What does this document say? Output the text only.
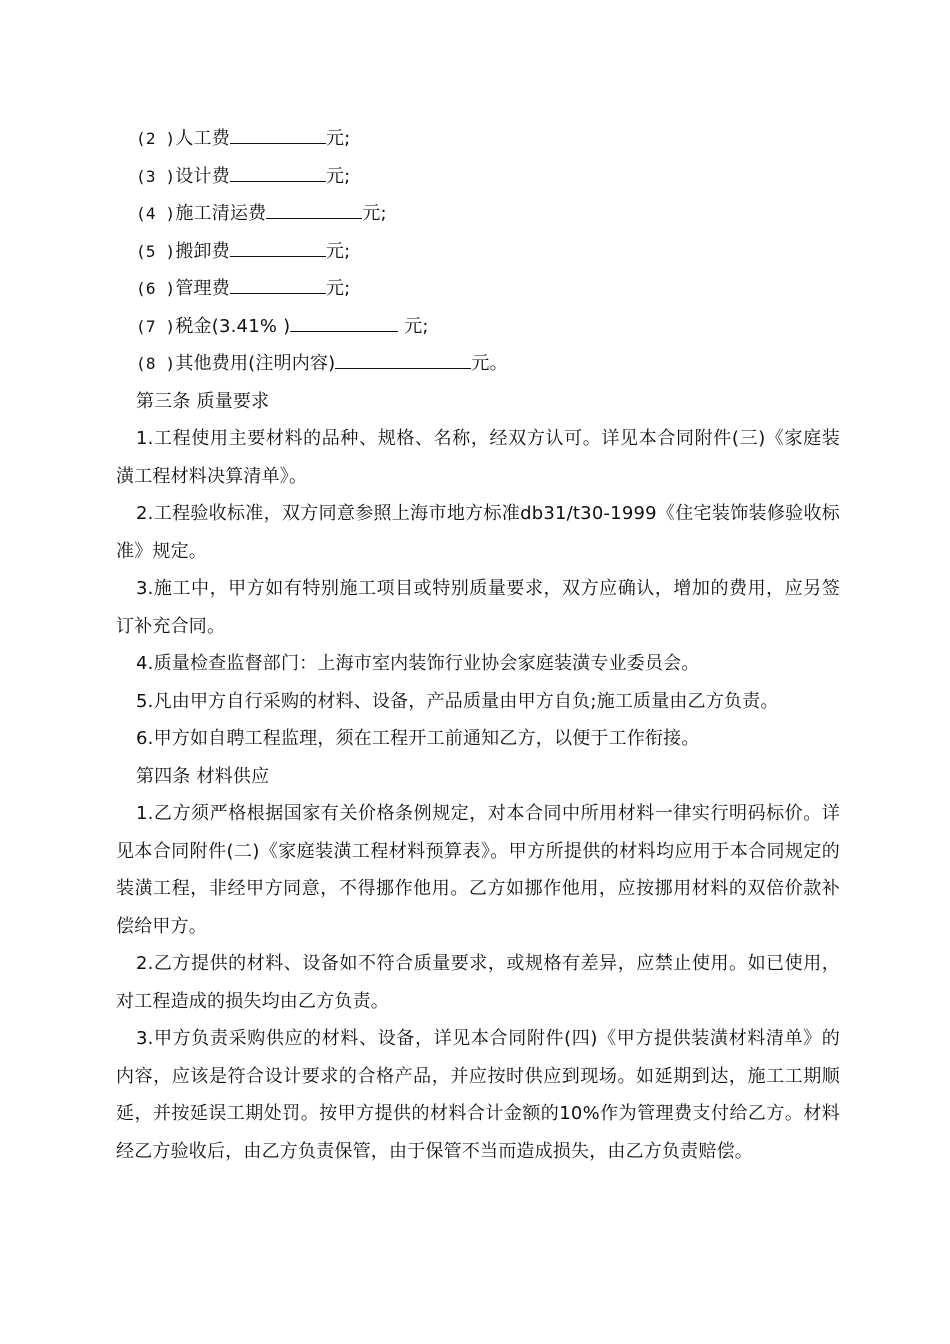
(2 )人工费	元;

(3 )设计费	元;

(4 )施工清运费	元;

(5 )搬卸费	元;

(6 )管理费	元;

(7 )税金(3.41% )	元;

(8 )其他费用(注明内容)	元。

第三条 质量要求

1.工程使用主要材料的品种、规格、名称，经双方认可。详见本合同附件(三)《家庭装潢工程材料决算清单》。

2.工程验收标准，双方同意参照上海市地方标准db31/t30-1999《住宅装饰装修验收标准》规定。

3.施工中，甲方如有特别施工项目或特别质量要求，双方应确认，增加的费用，应另签订补充合同。

4.质量检查监督部门：上海市室内装饰行业协会家庭装潢专业委员会。

5.凡由甲方自行采购的材料、设备，产品质量由甲方自负;施工质量由乙方负责。

6.甲方如自聘工程监理，须在工程开工前通知乙方，以便于工作衔接。

第四条 材料供应

1.乙方须严格根据国家有关价格条例规定，对本合同中所用材料一律实行明码标价。详见本合同附件(二)《家庭装潢工程材料预算表》。甲方所提供的材料均应用于本合同规定的装潢工程，非经甲方同意，不得挪作他用。乙方如挪作他用，应按挪用材料的双倍价款补偿给甲方。

2.乙方提供的材料、设备如不符合质量要求，或规格有差异，应禁止使用。如已使用，对工程造成的损失均由乙方负责。

3.甲方负责采购供应的材料、设备，详见本合同附件(四)《甲方提供装潢材料清单》的内容，应该是符合设计要求的合格产品，并应按时供应到现场。如延期到达，施工工期顺延，并按延误工期处罚。按甲方提供的材料合计金额的10%作为管理费支付给乙方。材料经乙方验收后，由乙方负责保管，由于保管不当而造成损失，由乙方负责赔偿。
